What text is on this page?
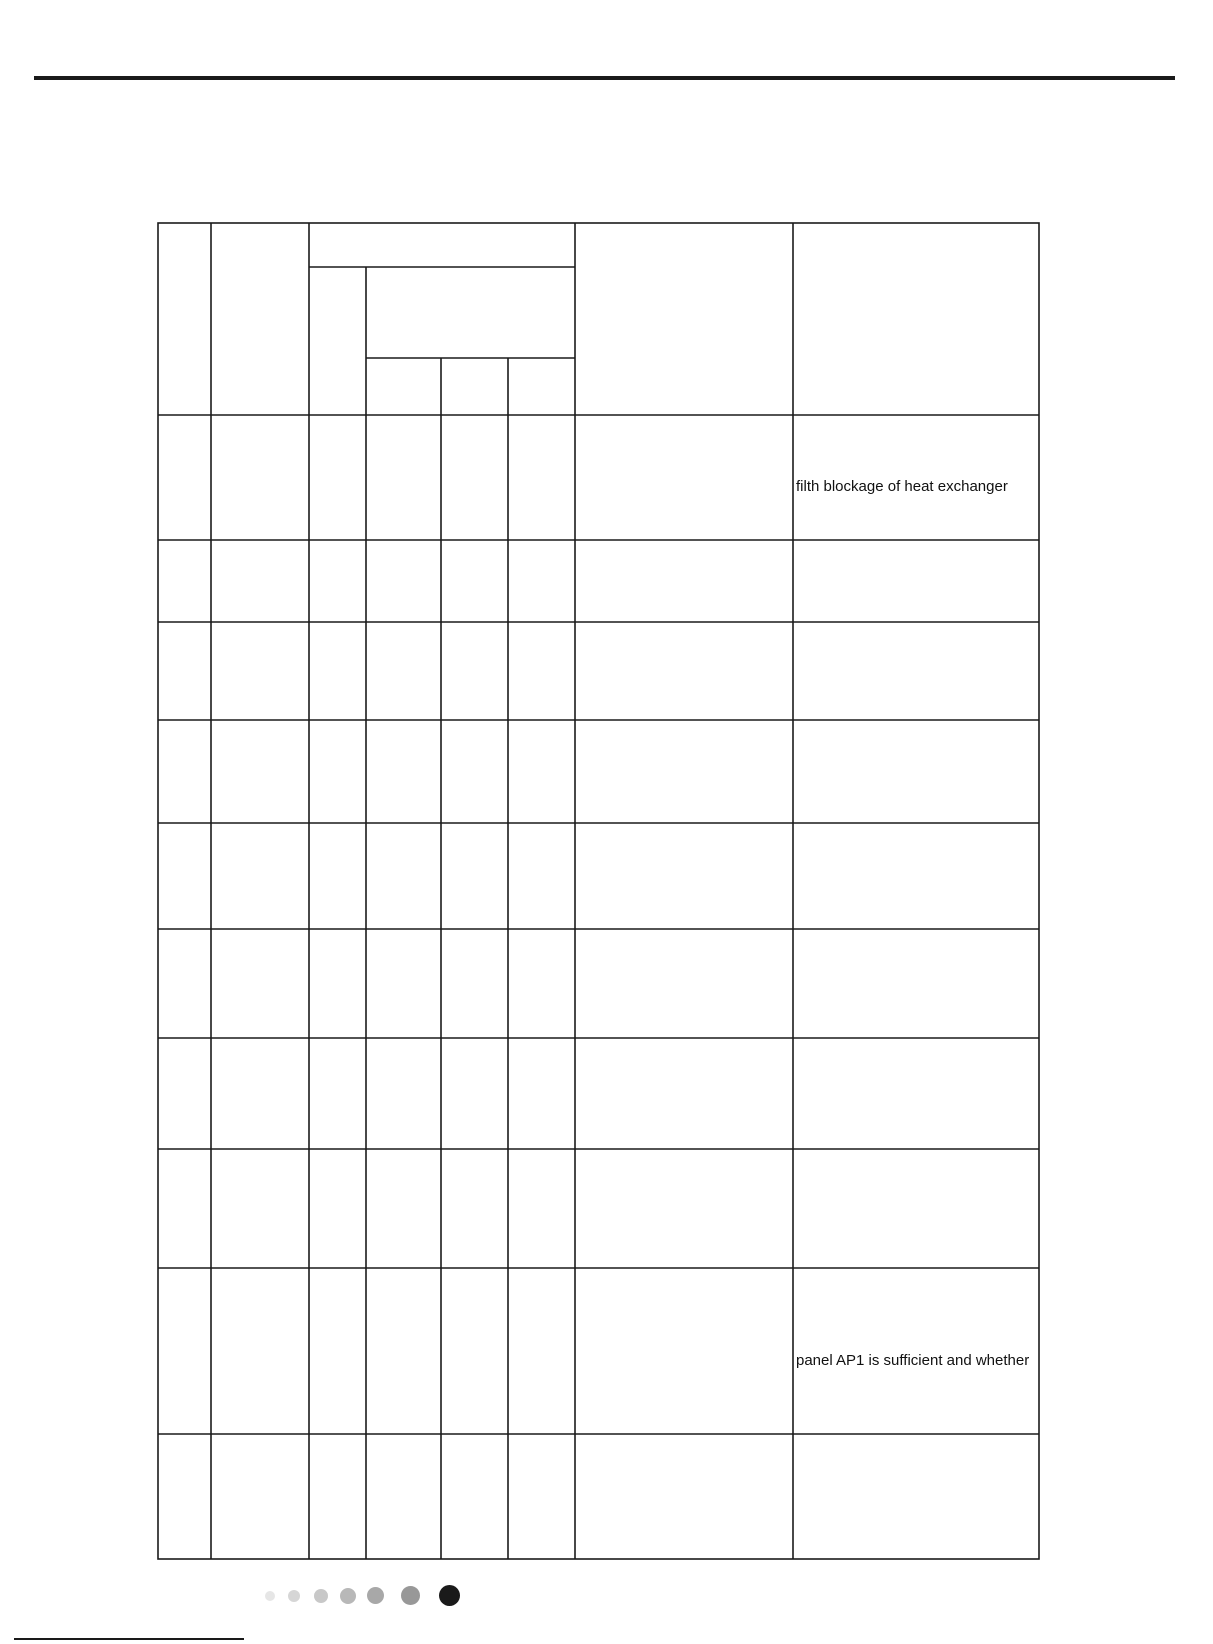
filth blockage of heat exchanger
panel AP1 is sufficient and whether
